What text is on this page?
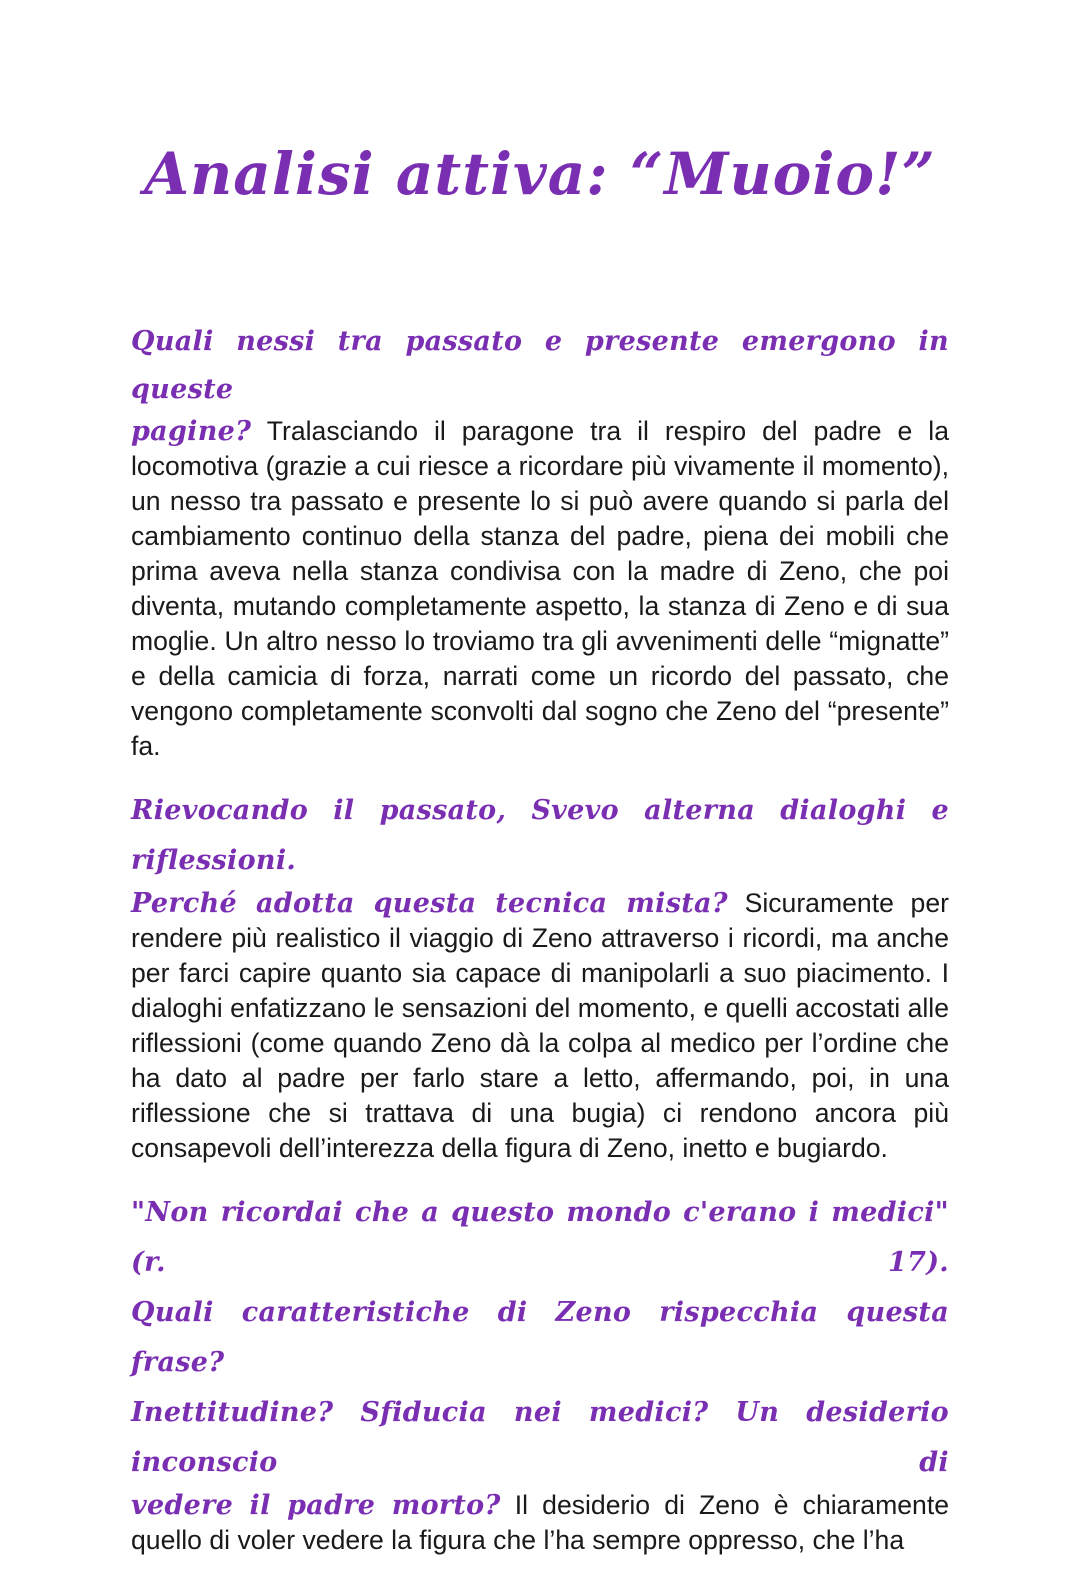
Analisi attiva: “Muoio!”

Quali nessi tra passato e presente emergono in queste
pagine? Tralasciando il paragone tra il respiro del padre e la locomotiva (grazie a cui riesce a ricordare più vivamente il momento), un nesso tra passato e presente lo si può avere quando si parla del cambiamento continuo della stanza del padre, piena dei mobili che prima aveva nella stanza condivisa con la madre di Zeno, che poi diventa, mutando completamente aspetto, la stanza di Zeno e di sua moglie. Un altro nesso lo troviamo tra gli avvenimenti delle “mignatte” e della camicia di forza, narrati come un ricordo del passato, che vengono completamente sconvolti dal sogno che Zeno del “presente” fa.

Rievocando il passato, Svevo alterna dialoghi e riflessioni.
Perché adotta questa tecnica mista? Sicuramente per rendere più realistico il viaggio di Zeno attraverso i ricordi, ma anche per farci capire quanto sia capace di manipolarli a suo piacimento. I dialoghi enfatizzano le sensazioni del momento, e quelli accostati alle riflessioni (come quando Zeno dà la colpa al medico per l’ordine che ha dato al padre per farlo stare a letto, affermando, poi, in una riflessione che si trattava di una bugia) ci rendono ancora più consapevoli dell’interezza della figura di Zeno, inetto e bugiardo.

"Non ricordai che a questo mondo c'erano i medici" (r. 17).
Quali caratteristiche di Zeno rispecchia questa frase?
Inettitudine? Sfiducia nei medici? Un desiderio inconscio di
vedere il padre morto? Il desiderio di Zeno è chiaramente quello di voler vedere la figura che l’ha sempre oppresso, che l’ha
